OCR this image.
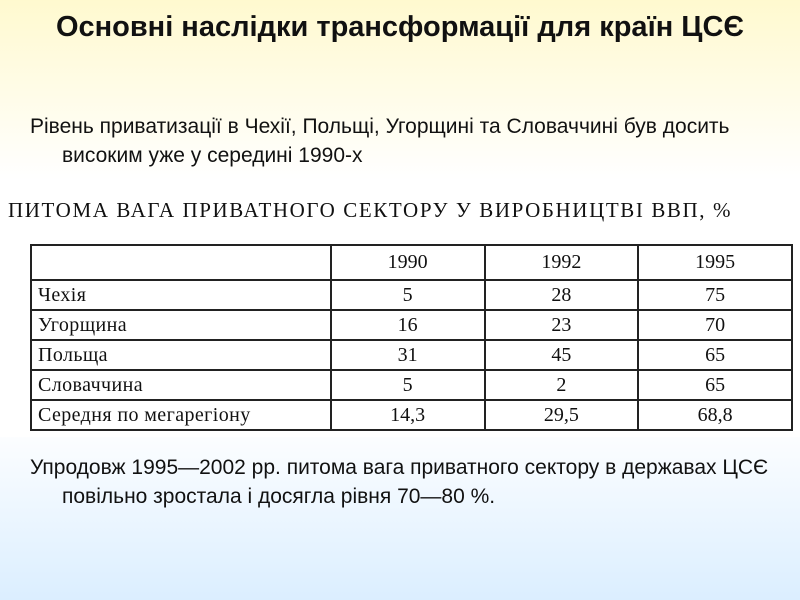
Основні наслідки трансформації для країн ЦСЄ
Рівень приватизації в Чехії, Польщі, Угорщині та Словаччині був досить високим уже у середині 1990-х
ПИТОМА ВАГА ПРИВАТНОГО СЕКТОРУ У ВИРОБНИЦТВІ ВВП, %
	1990	1992	1995
Чехія	5	28	75
Угорщина	16	23	70
Польща	31	45	65
Словаччина	5	2	65
Середня по мегарегіону	14,3	29,5	68,8
Упродовж 1995—2002 рр. питома вага приватного сектору в державах ЦСЄ повільно зростала і досягла рівня 70—80 %.
